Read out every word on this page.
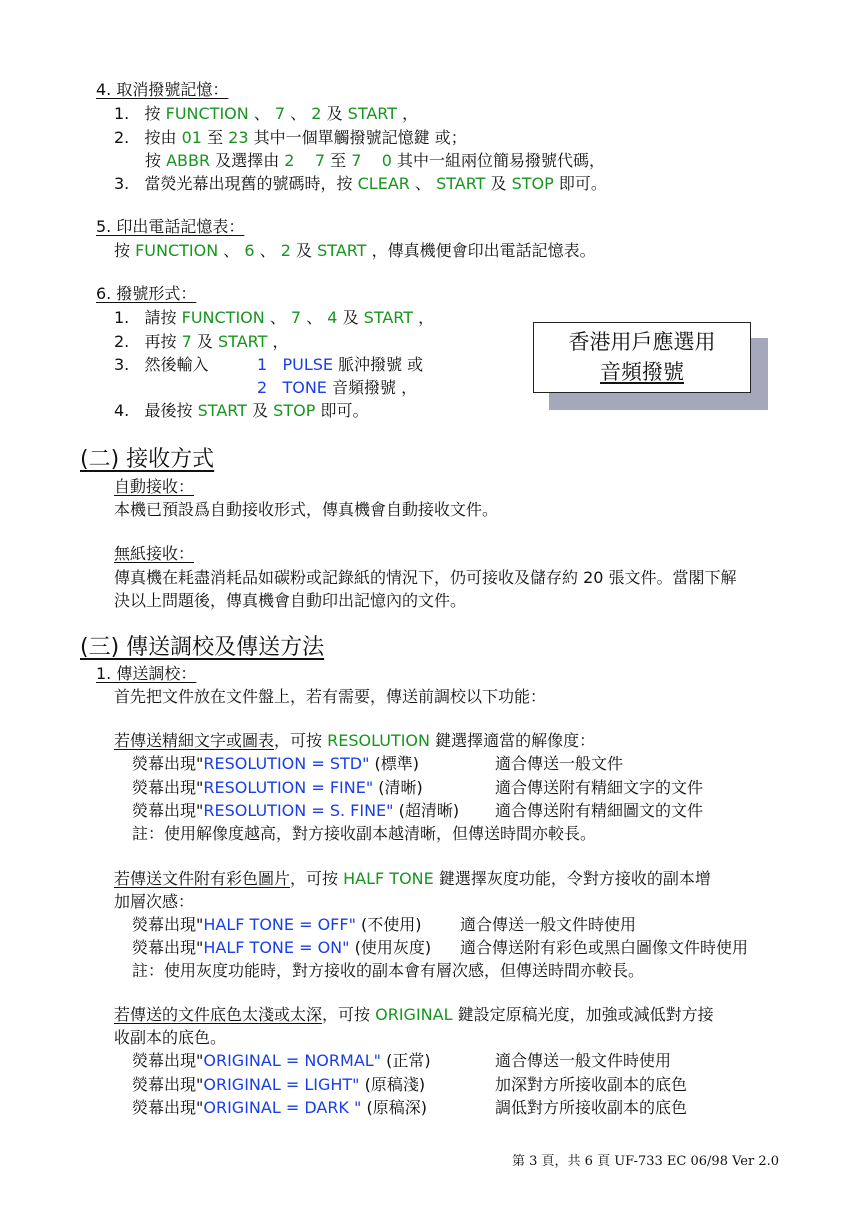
4. 取消撥號記憶：
1. 按 FUNCTION 、 7 、 2 及 START ，
2. 按由 01 至 23 其中一個單觸撥號記憶鍵 或；
按 ABBR 及選擇由 2 7 至 7 0 其中一組兩位簡易撥號代碼，
3. 當熒光幕出現舊的號碼時，按 CLEAR 、 START 及 STOP 即可。
5. 印出電話記憶表：
按 FUNCTION 、 6 、 2 及 START ，傳真機便會印出電話記憶表。
6. 撥號形式：
1. 請按 FUNCTION 、 7 、 4 及 START ，
2. 再按 7 及 START ，
3. 然後輸入	1 PULSE 脈沖撥號 或
2 TONE 音頻撥號 ，
4. 最後按 START 及 STOP 即可。
香港用戶應選用
音頻撥號
(二) 接收方式
自動接收：
本機已預設爲自動接收形式，傳真機會自動接收文件。
無紙接收：
傳真機在耗盡消耗品如碳粉或記錄紙的情況下，仍可接收及儲存約 20 張文件。當閣下解
決以上問題後，傳真機會自動印出記憶內的文件。
(三) 傳送調校及傳送方法
1. 傳送調校：
首先把文件放在文件盤上，若有需要，傳送前調校以下功能：
若傳送精細文字或圖表，可按 RESOLUTION 鍵選擇適當的解像度：
熒幕出現"RESOLUTION = STD" (標準)	適合傳送一般文件
熒幕出現"RESOLUTION = FINE" (清晰)	適合傳送附有精細文字的文件
熒幕出現"RESOLUTION = S. FINE" (超清晰) 適合傳送附有精細圖文的文件
註：使用解像度越高，對方接收副本越清晰，但傳送時間亦較長。
若傳送文件附有彩色圖片，可按 HALF TONE 鍵選擇灰度功能，令對方接收的副本增
加層次感：
熒幕出現"HALF TONE = OFF" (不使用) 適合傳送一般文件時使用
熒幕出現"HALF TONE = ON" (使用灰度) 適合傳送附有彩色或黑白圖像文件時使用
註：使用灰度功能時，對方接收的副本會有層次感，但傳送時間亦較長。
若傳送的文件底色太淺或太深，可按 ORIGINAL 鍵設定原稿光度，加強或減低對方接
收副本的底色。
熒幕出現"ORIGINAL = NORMAL" (正常)	適合傳送一般文件時使用
熒幕出現"ORIGINAL = LIGHT" (原稿淺)	加深對方所接收副本的底色
熒幕出現"ORIGINAL = DARK " (原稿深)	調低對方所接收副本的底色
第 3 頁，共 6 頁 UF-733 EC 06/98 Ver 2.0
